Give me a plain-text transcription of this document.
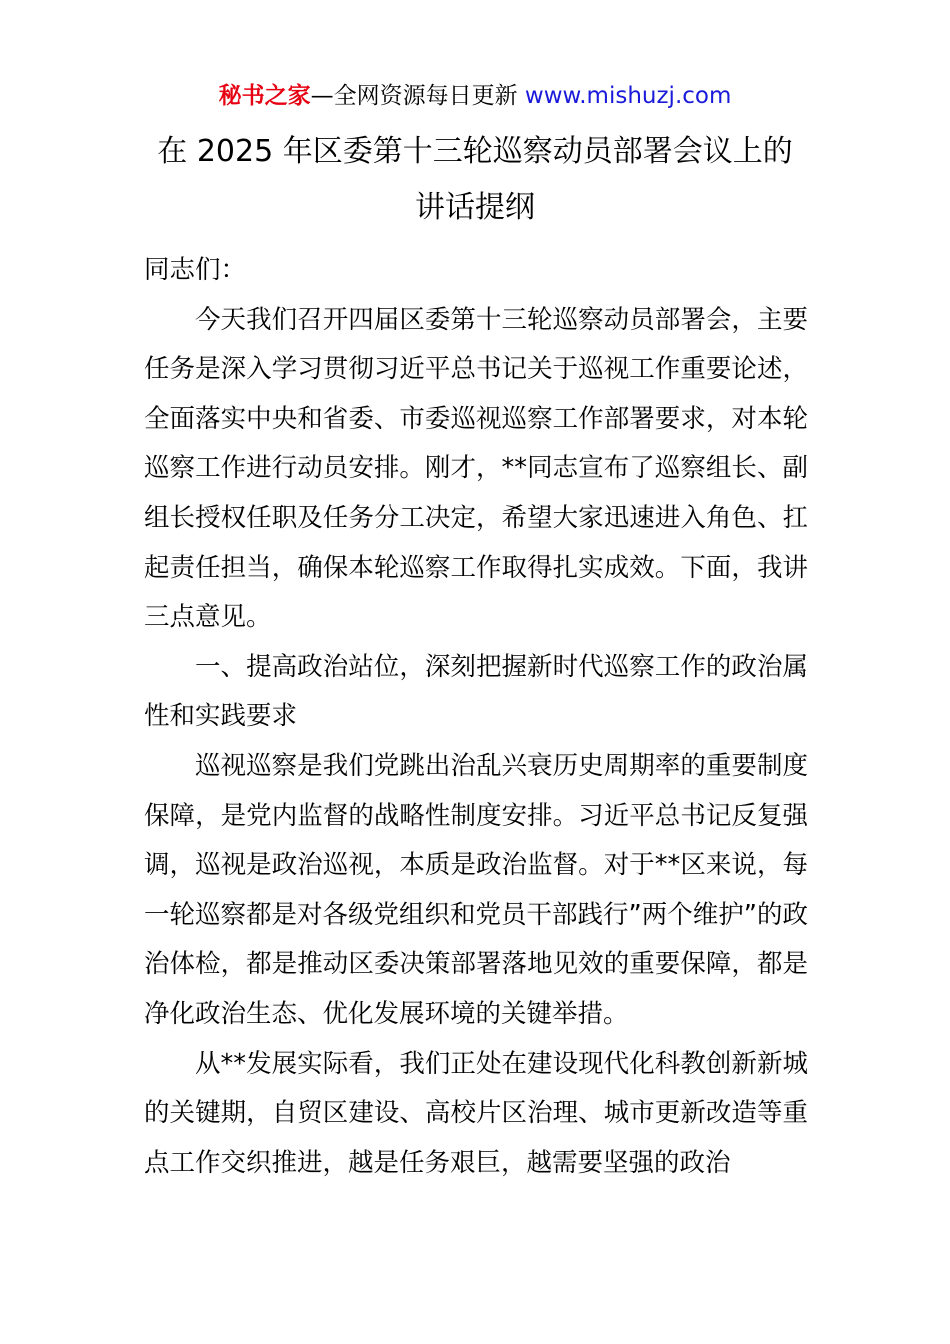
秘书之家—全网资源每日更新 www.mishuzj.com
在 2025 年区委第十三轮巡察动员部署会议上的
讲话提纲

同志们：

今天我们召开四届区委第十三轮巡察动员部署会，主要任务是深入学习贯彻习近平总书记关于巡视工作重要论述，全面落实中央和省委、市委巡视巡察工作部署要求，对本轮巡察工作进行动员安排。刚才，**同志宣布了巡察组长、副组长授权任职及任务分工决定，希望大家迅速进入角色、扛起责任担当，确保本轮巡察工作取得扎实成效。下面，我讲三点意见。

一、提高政治站位，深刻把握新时代巡察工作的政治属性和实践要求

巡视巡察是我们党跳出治乱兴衰历史周期率的重要制度保障，是党内监督的战略性制度安排。习近平总书记反复强调，巡视是政治巡视，本质是政治监督。对于**区来说，每一轮巡察都是对各级党组织和党员干部践行”两个维护”的政治体检，都是推动区委决策部署落地见效的重要保障，都是净化政治生态、优化发展环境的关键举措。

从**发展实际看，我们正处在建设现代化科教创新新城的关键期，自贸区建设、高校片区治理、城市更新改造等重点工作交织推进，越是任务艰巨，越需要坚强的政治
